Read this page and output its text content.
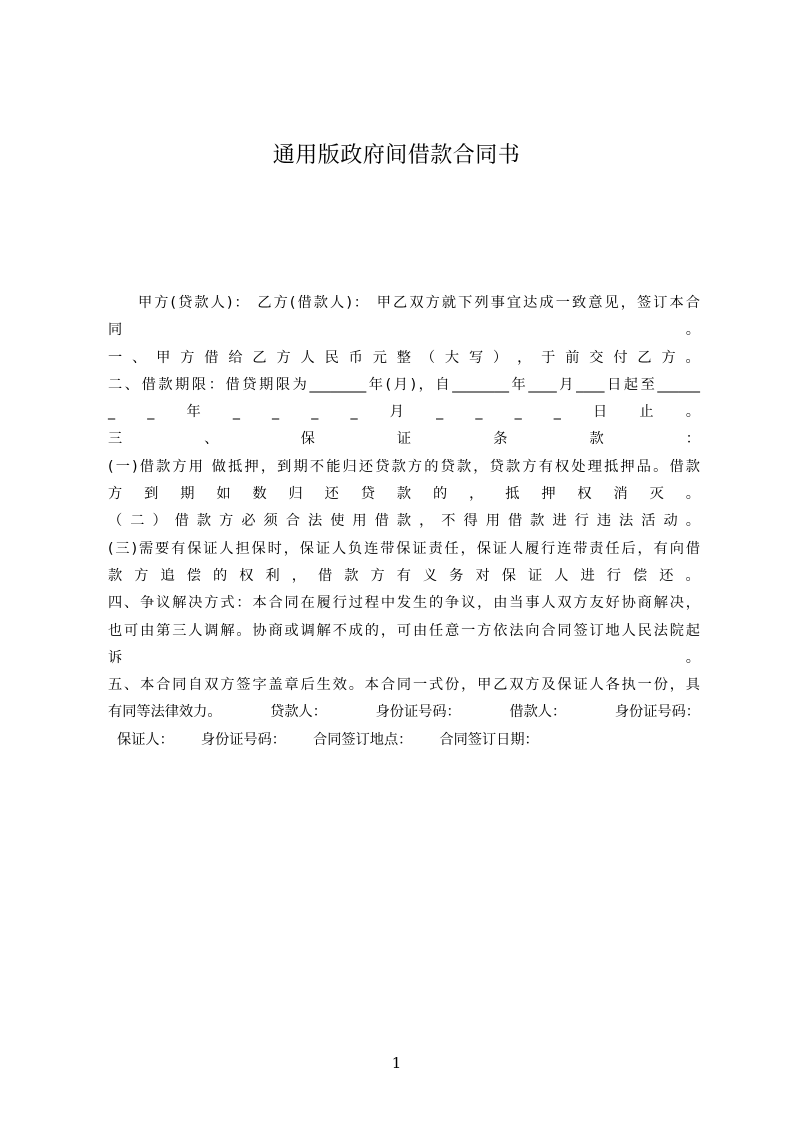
通用版政府间借款合同书
甲方(贷款人)： 乙方(借款人)： 甲乙双方就下列事宜达成一致意见，签订本合
同	。
一 、 甲 方 借 给 乙 方 人 民 币 元 整 （ 大 写 ） ， 于 前 交 付 乙 方 。
二、借款期限：借贷期限为________年(月)，自________年____月____日起至______
_ _ 年 _ _ _ _ 月 _ _ _ _ 日 止 。
三	、	保	证	条	款	：
(一)借款方用 做抵押，到期不能归还贷款方的贷款，贷款方有权处理抵押品。借款
方 到 期 如 数 归 还 贷 款 的 ， 抵 押 权 消 灭 。
（ 二 ） 借 款 方 必 须 合 法 使 用 借 款 ， 不 得 用 借 款 进 行 违 法 活 动 。
(三)需要有保证人担保时，保证人负连带保证责任，保证人履行连带责任后，有向借
款 方 追 偿 的 权 利 ， 借 款 方 有 义 务 对 保 证 人 进 行 偿 还 。
四、争议解决方式：本合同在履行过程中发生的争议，由当事人双方友好协商解决，
也可由第三人调解。协商或调解不成的，可由任意一方依法向合同签订地人民法院起
诉	。
五、本合同自双方签字盖章后生效。本合同一式份，甲乙双方及保证人各执一份，具
有同等法律效力。	贷款人：	身份证号码：	借款人：	身份证号码：
保证人：      身份证号码：      合同签订地点：      合同签订日期：
1
